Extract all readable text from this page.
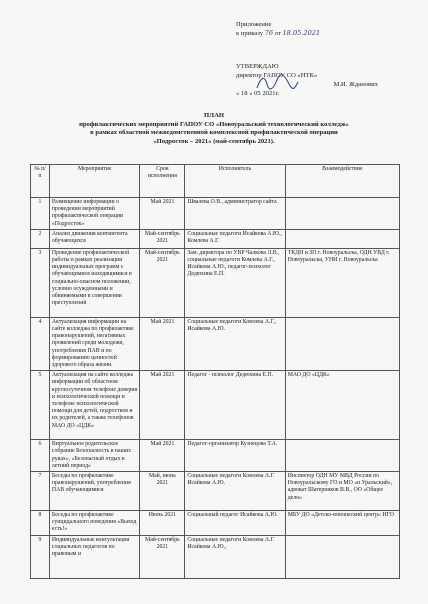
Приложение
к приказу 76 от 18.05.2021
УТВЕРЖДАЮ
директор ГАПОУ СО «НТК»
М.И. Жданових
« 18 » 05 2021г.
ПЛАН
профилактических мероприятий ГАПОУ СО «Новоуральский технологический колледж»
в рамках областной межведомственной комплексной профилактической операции
«Подросток – 2021» (май-сентябрь 2021).
№ п/п	Мероприятие	Срок исполнения	Исполнитель	Взаимодействие
1	Размещение информации о проведении мероприятий профилактической операции «Подросток»	Май 2021	Швалева О.В., администратор сайта	
2	Анализ движения контингента обучающихся	Май-сентябрь 2021	Социальные педагоги Исайкова А.Ю., Комлева А.Г.	
3	Проведение профилактической работы в рамках реализации индивидуальных программ с обучающимися находящимися в социально-опасном положении, условно осужденными и обвиняемыми в совершении преступлений	Май-сентябрь 2021	Зам. директора по УВР Чалкова Л.В., социальные педагоги Комлева А.Г., Исайкова А.Ю., педагог-психолог Дедюхина Е.П.	ТКДН и ЗП г. Новоуральска, ОДН УВД г. Новоуральска, УНИ г. Новоуральска
4	Актуализация информации на сайте колледжа по профилактике правонарушений, негативных проявлений среди молодежи, употребления ПАВ и по формированию ценностей здорового образа жизни.	Май 2021	Социальные педагоги Комлева А.Г., Исайкова А.Ю.	
5	Актуализация на сайте колледжа информации об областном круглосуточном телефоне доверия и психологической помощи и телефоне психологической помощи для детей, подростков и их родителей, а также телефонов МАО ДО «ЦДК»	Май 2021	Педагог - психолог Дедюхина Е.П.	МАО ДО «ЦДК»
6	Виртуальное родительское собрание Безопасность в наших руках», «Безопасный отдых в летний период»	Май 2021	Педагог-организатор Кузнецова Т.А.	
7	Беседы по профилактике правонарушений, употребления ПАВ обучающимися	Май, июнь 2021	Социальные педагоги Комлева А.Г. Исайкова А.Ю.	Инспектор ОДН МУ МВД России по Новоуральскому ГО и МО «п Уральский», адвокат Шатерников В.В., ОО «Общее дело»
8	Беседы по профилактике суицидального поведения «Выход есть!»	Июнь 2021	Социальный педагог Исайкова А.Ю.	МБУ ДО «Детско-юношеский центр» НГО
9	Индивидуальные консультации социальных педагогов по правовым и	Май-сентябрь 2021	Социальные педагоги Комлева А.Г. Исайкова А.Ю.,	
